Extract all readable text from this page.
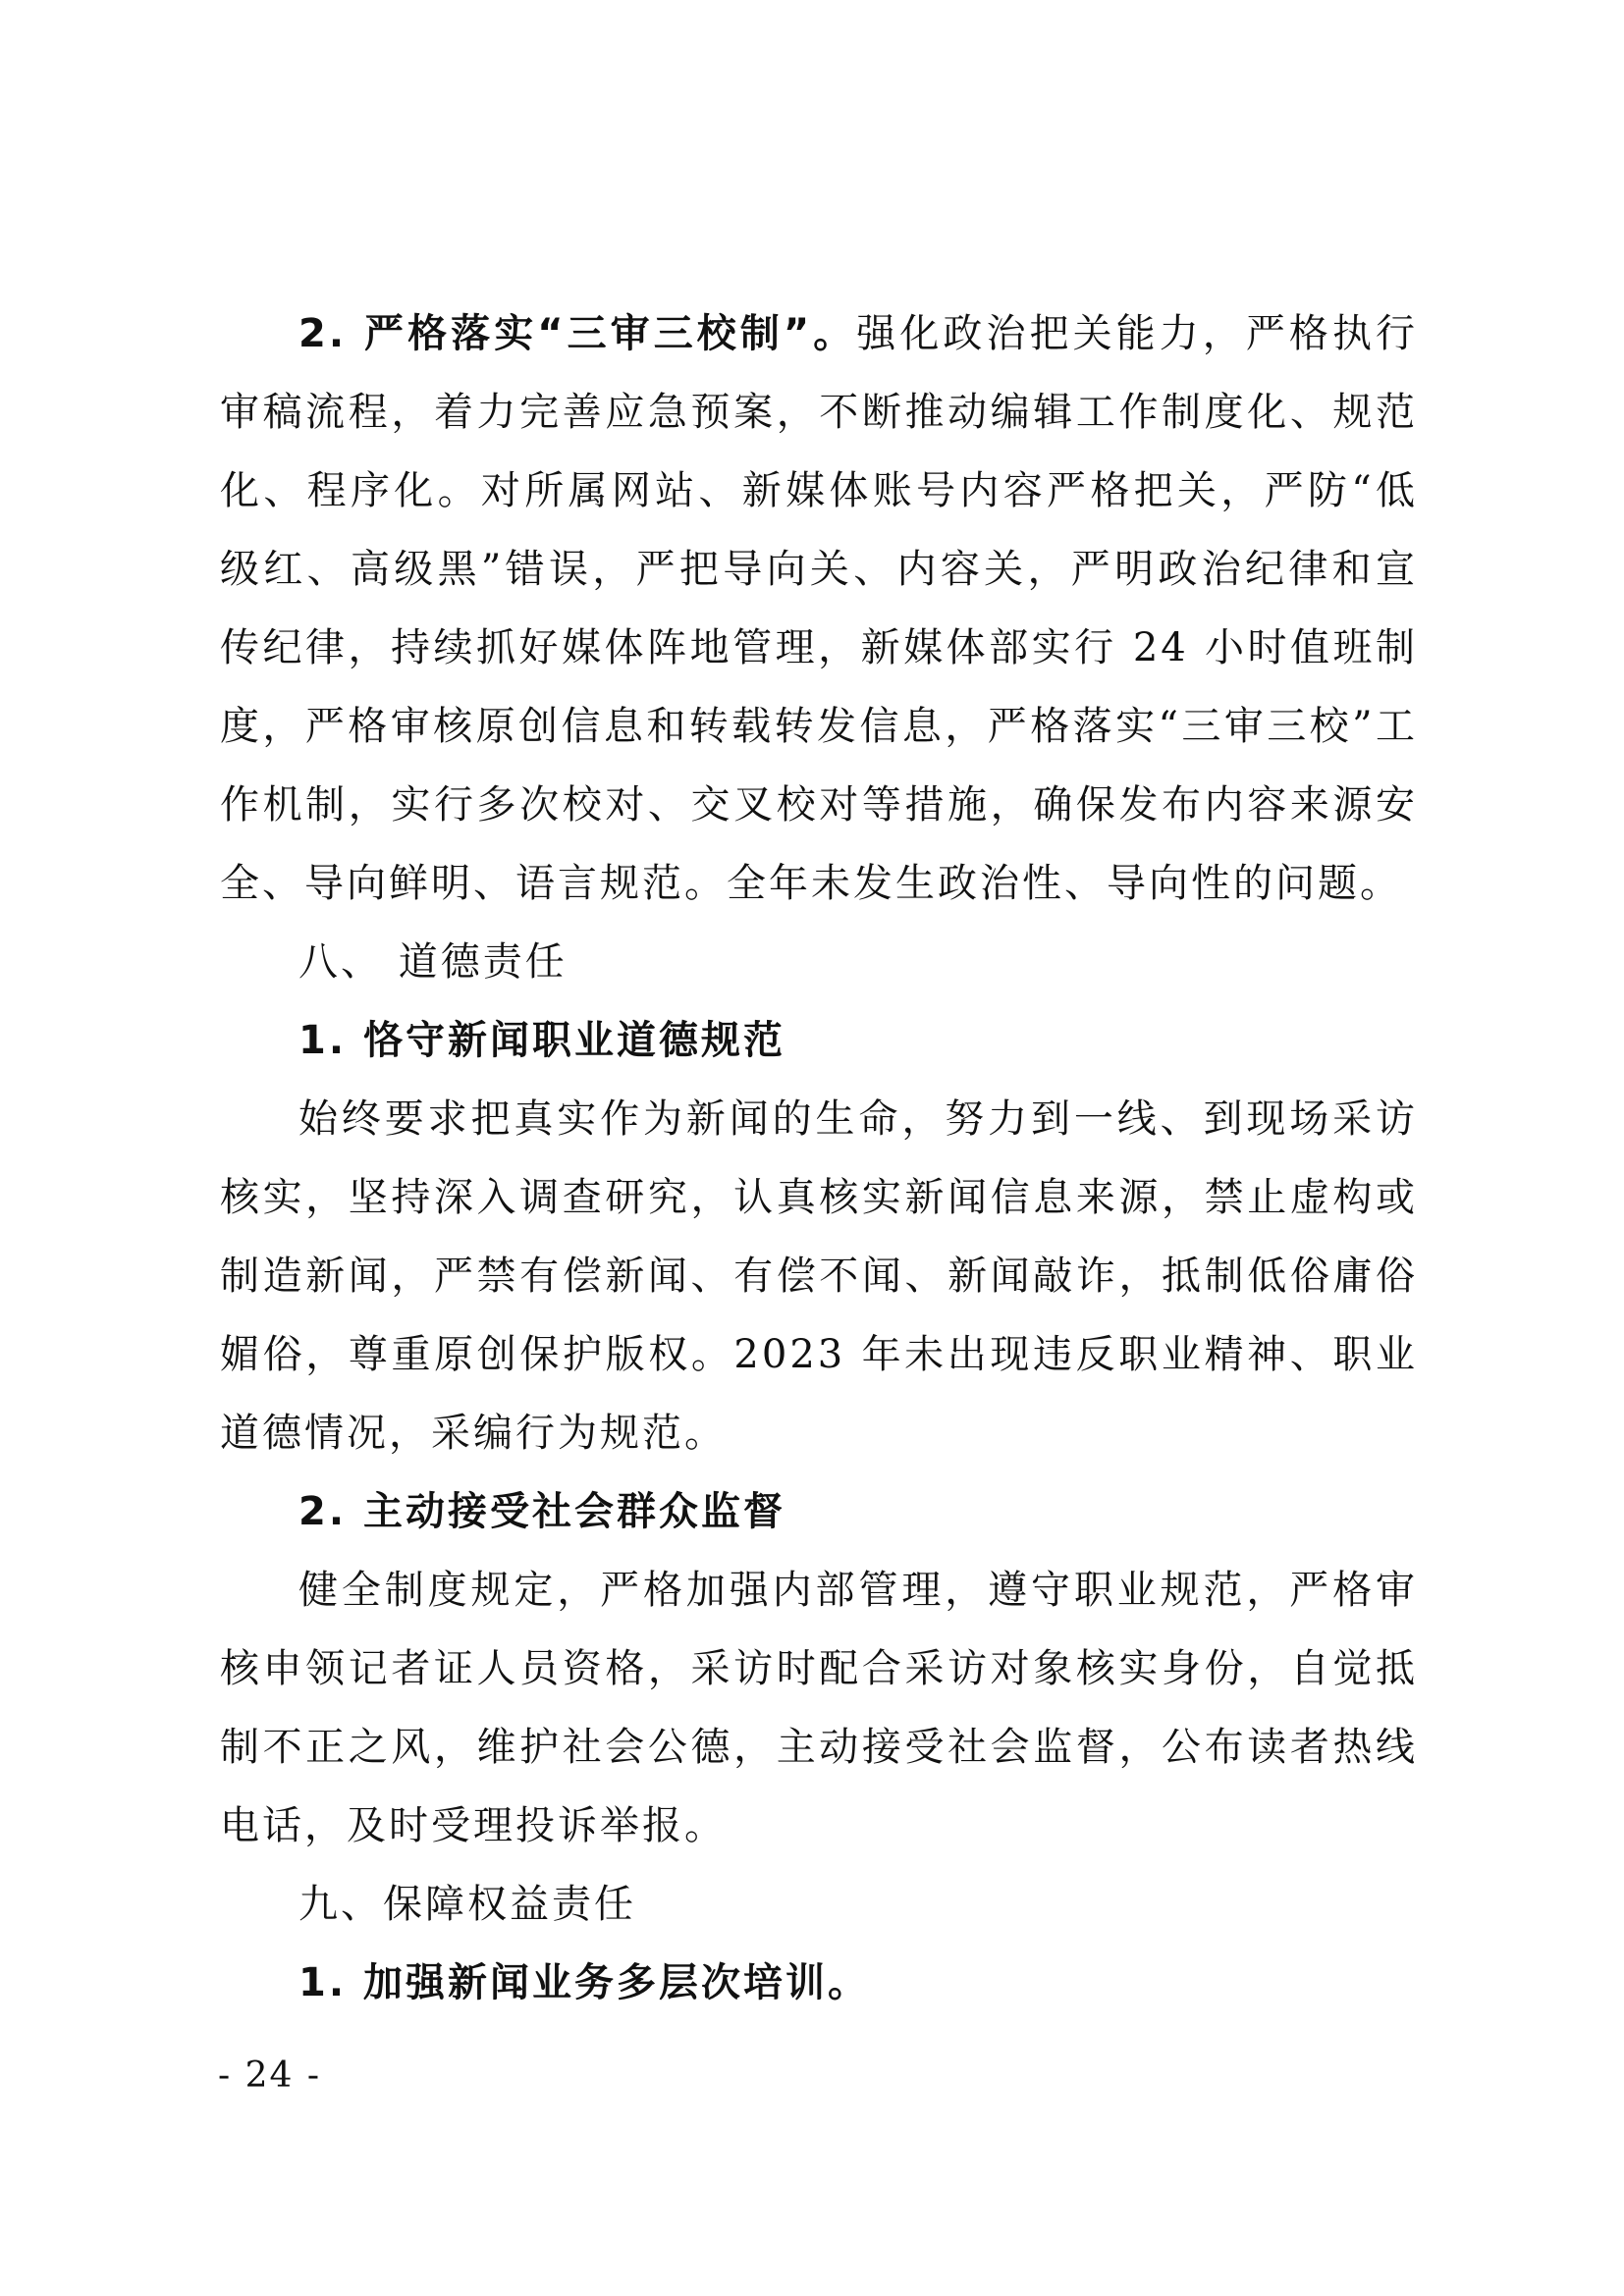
2. 严格落实“三审三校制”。强化政治把关能力，严格执行审稿流程，着力完善应急预案，不断推动编辑工作制度化、规范化、程序化。对所属网站、新媒体账号内容严格把关，严防“低级红、高级黑”错误，严把导向关、内容关，严明政治纪律和宣传纪律，持续抓好媒体阵地管理，新媒体部实行 24 小时值班制度，严格审核原创信息和转载转发信息，严格落实“三审三校”工作机制，实行多次校对、交叉校对等措施，确保发布内容来源安全、导向鲜明、语言规范。全年未发生政治性、导向性的问题。

八、 道德责任

1. 恪守新闻职业道德规范

始终要求把真实作为新闻的生命，努力到一线、到现场采访核实，坚持深入调查研究，认真核实新闻信息来源，禁止虚构或制造新闻，严禁有偿新闻、有偿不闻、新闻敲诈，抵制低俗庸俗媚俗，尊重原创保护版权。2023 年未出现违反职业精神、职业道德情况，采编行为规范。

2. 主动接受社会群众监督

健全制度规定，严格加强内部管理，遵守职业规范，严格审核申领记者证人员资格，采访时配合采访对象核实身份，自觉抵制不正之风，维护社会公德，主动接受社会监督，公布读者热线电话，及时受理投诉举报。

九、保障权益责任

1. 加强新闻业务多层次培训。

- 24 -
